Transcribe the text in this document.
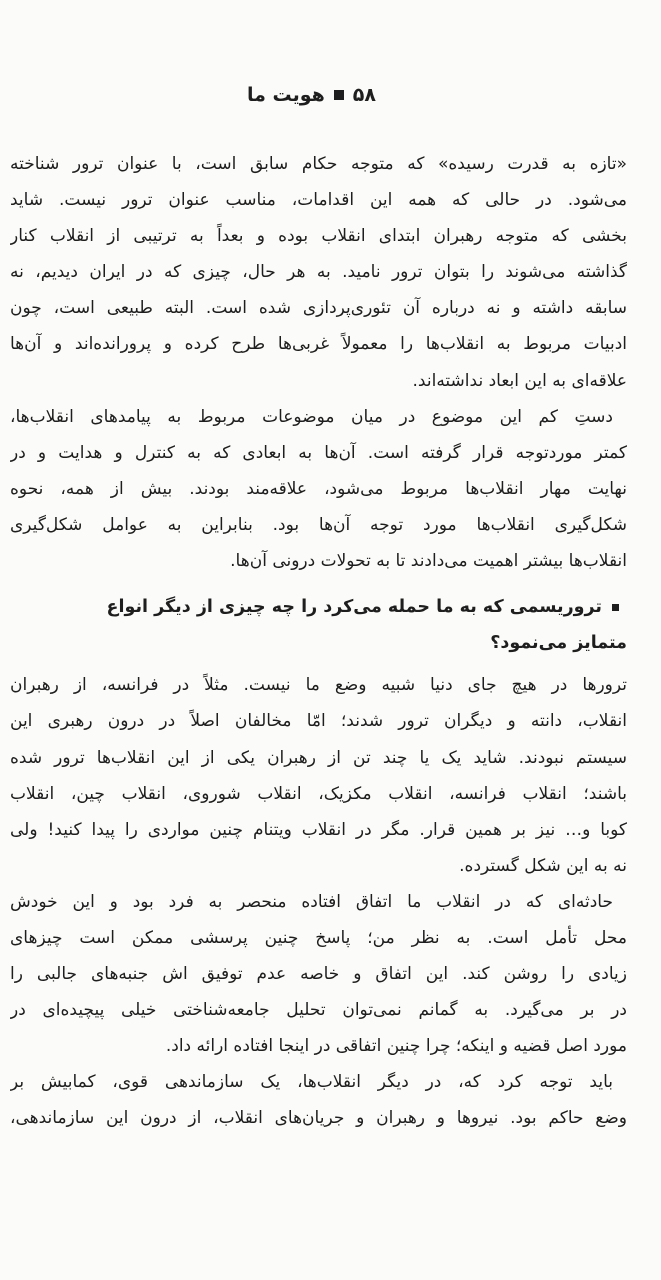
۵۸
هویت ما
«تازه به قدرت رسیده» که متوجه حکام سابق است، با عنوان ترور شناخته
می‌شود. در حالی که همه این اقدامات، مناسب عنوان ترور نیست. شاید
بخشی که متوجه رهبران ابتدای انقلاب بوده و بعداً به ترتیبی از انقلاب کنار
گذاشته می‌شوند را بتوان ترور نامید. به هر حال، چیزی که در ایران دیدیم، نه
سابقه داشته و نه درباره آن تئوری‌پردازی شده است. البته طبیعی است، چون
ادبیات مربوط به انقلاب‌ها را معمولاً غربی‌ها طرح کرده و پرورانده‌اند و آن‌ها
علاقه‌ای به این ابعاد نداشته‌اند.
دستِ کم این موضوع در میان موضوعات مربوط به پیامدهای انقلاب‌ها،
کمتر موردتوجه قرار گرفته است. آن‌ها به ابعادی که به کنترل و هدایت و در
نهایت مهار انقلاب‌ها مربوط می‌شود، علاقه‌مند بودند. بیش از همه، نحوه
شکل‌گیری انقلاب‌ها مورد توجه آن‌ها بود. بنابراین به عوامل شکل‌گیری
انقلاب‌ها بیشتر اهمیت می‌دادند تا به تحولات درونی آن‌ها.
تروریسمی که به ما حمله می‌کرد را چه چیزی از دیگر انواع
متمایز می‌نمود؟
ترورها در هیچ جای دنیا شبیه وضع ما نیست. مثلاً در فرانسه، از رهبران
انقلاب، دانته و دیگران ترور شدند؛ امّا مخالفان اصلاً در درون رهبری این
سیستم نبودند. شاید یک یا چند تن از رهبران یکی از این انقلاب‌ها ترور شده
باشند؛ انقلاب فرانسه، انقلاب مکزیک، انقلاب شوروی، انقلاب چین، انقلاب
کوبا و… نیز بر همین قرار. مگر در انقلاب ویتنام چنین مواردی را پیدا کنید! ولی
نه به این شکل گسترده.
حادثه‌ای که در انقلاب ما اتفاق افتاده منحصر به فرد بود و این خودش
محل تأمل است. به نظر من؛ پاسخ چنین پرسشی ممکن است چیزهای
زیادی را روشن کند. این اتفاق و خاصه عدم توفیق اش جنبه‌های جالبی را
در بر می‌گیرد. به گمانم نمی‌توان تحلیل جامعه‌شناختی خیلی پیچیده‌ای در
مورد اصل قضیه و اینکه؛ چرا چنین اتفاقی در اینجا افتاده ارائه داد.
باید توجه کرد که، در دیگر انقلاب‌ها، یک سازماندهی قوی، کمابیش بر
وضع حاکم بود. نیروها و رهبران و جریان‌های انقلاب، از درون این سازماندهی،
